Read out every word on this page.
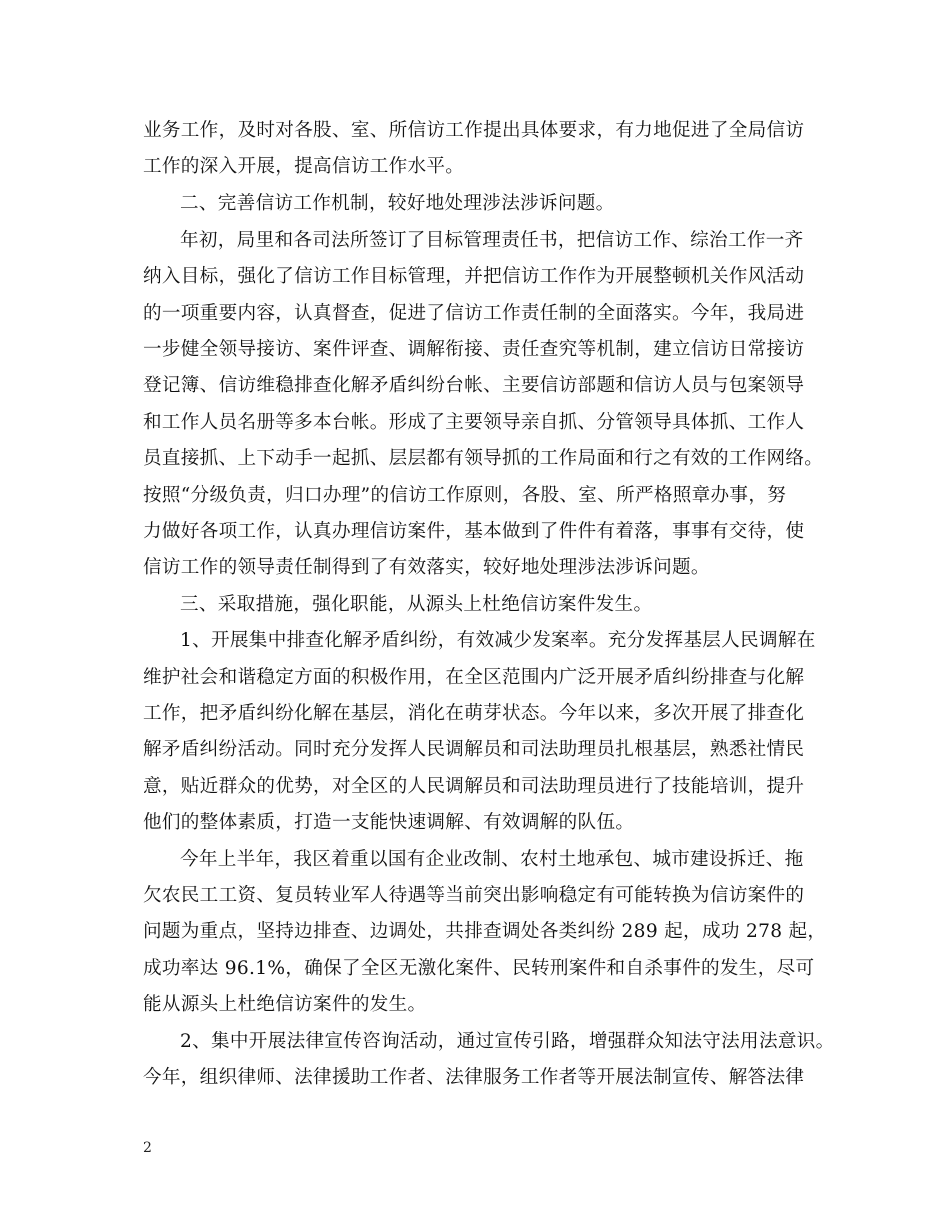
业务工作，及时对各股、室、所信访工作提出具体要求，有力地促进了全局信访
工作的深入开展，提高信访工作水平。
二、完善信访工作机制，较好地处理涉法涉诉问题。
年初，局里和各司法所签订了目标管理责任书，把信访工作、综治工作一齐
纳入目标，强化了信访工作目标管理，并把信访工作作为开展整顿机关作风活动
的一项重要内容，认真督查，促进了信访工作责任制的全面落实。今年，我局进
一步健全领导接访、案件评查、调解衔接、责任查究等机制，建立信访日常接访
登记簿、信访维稳排查化解矛盾纠纷台帐、主要信访部题和信访人员与包案领导
和工作人员名册等多本台帐。形成了主要领导亲自抓、分管领导具体抓、工作人
员直接抓、上下动手一起抓、层层都有领导抓的工作局面和行之有效的工作网络。
按照“分级负责，归口办理”的信访工作原则，各股、室、所严格照章办事，努
力做好各项工作，认真办理信访案件，基本做到了件件有着落，事事有交待，使
信访工作的领导责任制得到了有效落实，较好地处理涉法涉诉问题。
三、采取措施，强化职能，从源头上杜绝信访案件发生。
1、开展集中排查化解矛盾纠纷，有效减少发案率。充分发挥基层人民调解在
维护社会和谐稳定方面的积极作用，在全区范围内广泛开展矛盾纠纷排查与化解
工作，把矛盾纠纷化解在基层，消化在萌芽状态。今年以来，多次开展了排查化
解矛盾纠纷活动。同时充分发挥人民调解员和司法助理员扎根基层，熟悉社情民
意，贴近群众的优势，对全区的人民调解员和司法助理员进行了技能培训，提升
他们的整体素质，打造一支能快速调解、有效调解的队伍。
今年上半年，我区着重以国有企业改制、农村土地承包、城市建设拆迁、拖
欠农民工工资、复员转业军人待遇等当前突出影响稳定有可能转换为信访案件的
问题为重点，坚持边排查、边调处，共排查调处各类纠纷 289 起，成功 278 起，
成功率达 96.1%，确保了全区无激化案件、民转刑案件和自杀事件的发生，尽可
能从源头上杜绝信访案件的发生。
2、集中开展法律宣传咨询活动，通过宣传引路，增强群众知法守法用法意识。
今年，组织律师、法律援助工作者、法律服务工作者等开展法制宣传、解答法律
2
